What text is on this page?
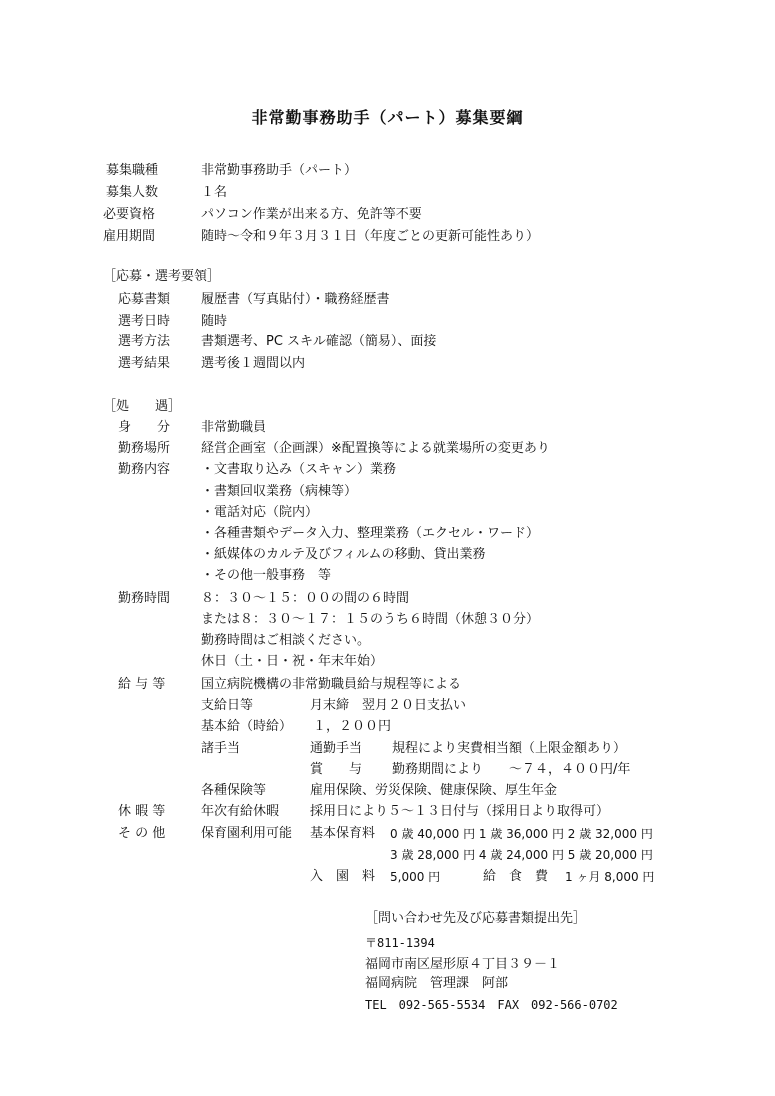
非常勤事務助手（パート）募集要綱
募集職種	非常勤事務助手（パート）
募集人数	１名
必要資格	パソコン作業が出来る方、免許等不要
雇用期間	随時～令和９年３月３１日（年度ごとの更新可能性あり）
［応募・選考要領］
応募書類 履歴書（写真貼付）・職務経歴書
選考日時 随時
選考方法 書類選考、PC スキル確認（簡易）、面接
選考結果 選考後１週間以内
［処　　遇］
身　　分 非常勤職員
勤務場所 経営企画室（企画課）※配置換等による就業場所の変更あり
勤務内容 ・文書取り込み（スキャン）業務
・書類回収業務（病棟等）
・電話対応（院内）
・各種書類やデータ入力、整理業務（エクセル・ワード）
・紙媒体のカルテ及びフィルムの移動、貸出業務
・その他一般事務　等
勤務時間 ８：３０～１５：００の間の６時間
または８：３０～１７：１５のうち６時間（休憩３０分）
勤務時間はご相談ください。
休日（土・日・祝・年末年始）
給 与 等	国立病院機構の非常勤職員給与規程等による
支給日等	月末締　翌月２０日支払い
基本給（時給） １，２００円
諸手当	通勤手当 規程により実費相当額（上限金額あり）
賞　　与 勤務期間により　　～７４，４００円/年
各種保険等	雇用保険、労災保険、健康保険、厚生年金
休 暇 等	年次有給休暇 採用日により５～１３日付与（採用日より取得可）
そ の 他	保育園利用可能 基本保育料 0 歳 40,000 円 1 歳 36,000 円 2 歳 32,000 円
3 歳 28,000 円 4 歳 24,000 円 5 歳 20,000 円
入　園　料 5,000 円	給　食　費 1 ヶ月 8,000 円
［問い合わせ先及び応募書類提出先］
〒811-1394
福岡市南区屋形原４丁目３９－１
福岡病院　管理課　阿部
TEL　092-565-5534　FAX　092-566-0702
